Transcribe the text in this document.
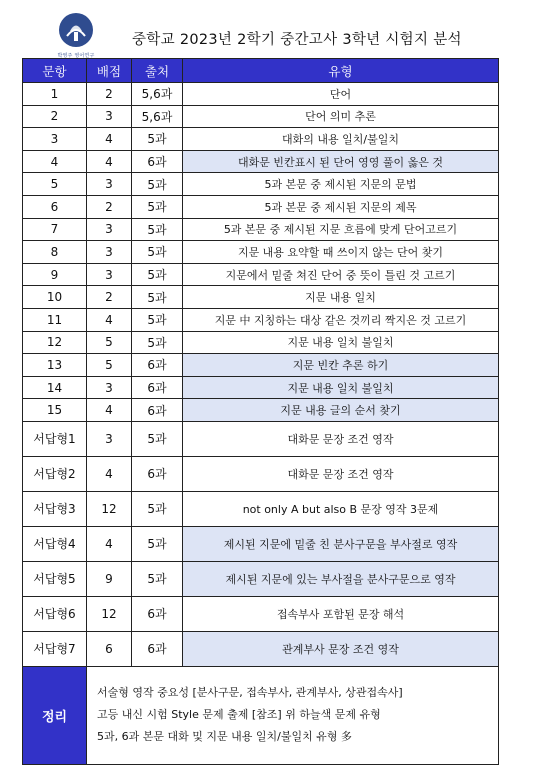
박영주 영어연구
중학교 2023년 2학기 중간고사 3학년 시험지 분석
문항	배점	출처	유형
1	2	5,6과	단어
2	3	5,6과	단어 의미 추론
3	4	5과	대화의 내용 일치/불일치
4	4	6과	대화문 빈칸표시 된 단어 영영 풀이 옳은 것
5	3	5과	5과 본문 중 제시된 지문의 문법
6	2	5과	5과 본문 중 제시된 지문의 제목
7	3	5과	5과 본문 중 제시된 지문 흐름에 맞게 단어고르기
8	3	5과	지문 내용 요약할 때 쓰이지 않는 단어 찾기
9	3	5과	지문에서 밑줄 쳐진 단어 중 뜻이 틀린 것 고르기
10	2	5과	지문 내용 일치
11	4	5과	지문 中 지칭하는 대상 같은 것끼리 짝지은 것 고르기
12	5	5과	지문 내용 일치 불일치
13	5	6과	지문 빈칸 추론 하기
14	3	6과	지문 내용 일치 불일치
15	4	6과	지문 내용 글의 순서 찾기
서답형1	3	5과	대화문 문장 조건 영작
서답형2	4	6과	대화문 문장 조건 영작
서답형3	12	5과	not only A but also B 문장 영작 3문제
서답형4	4	5과	제시된 지문에 밑줄 친 분사구문을 부사절로 영작
서답형5	9	5과	제시된 지문에 있는 부사절을 분사구문으로 영작
서답형6	12	6과	접속부사 포함된 문장 해석
서답형7	6	6과	관계부사 문장 조건 영작
정리	서술형 영작 중요성 [분사구문, 접속부사, 관계부사, 상관접속사]
고등 내신 시험 Style 문제 출제 [참조] 위 하늘색 문제 유형
5과, 6과 본문 대화 및 지문 내용 일치/불일치 유형 多		
